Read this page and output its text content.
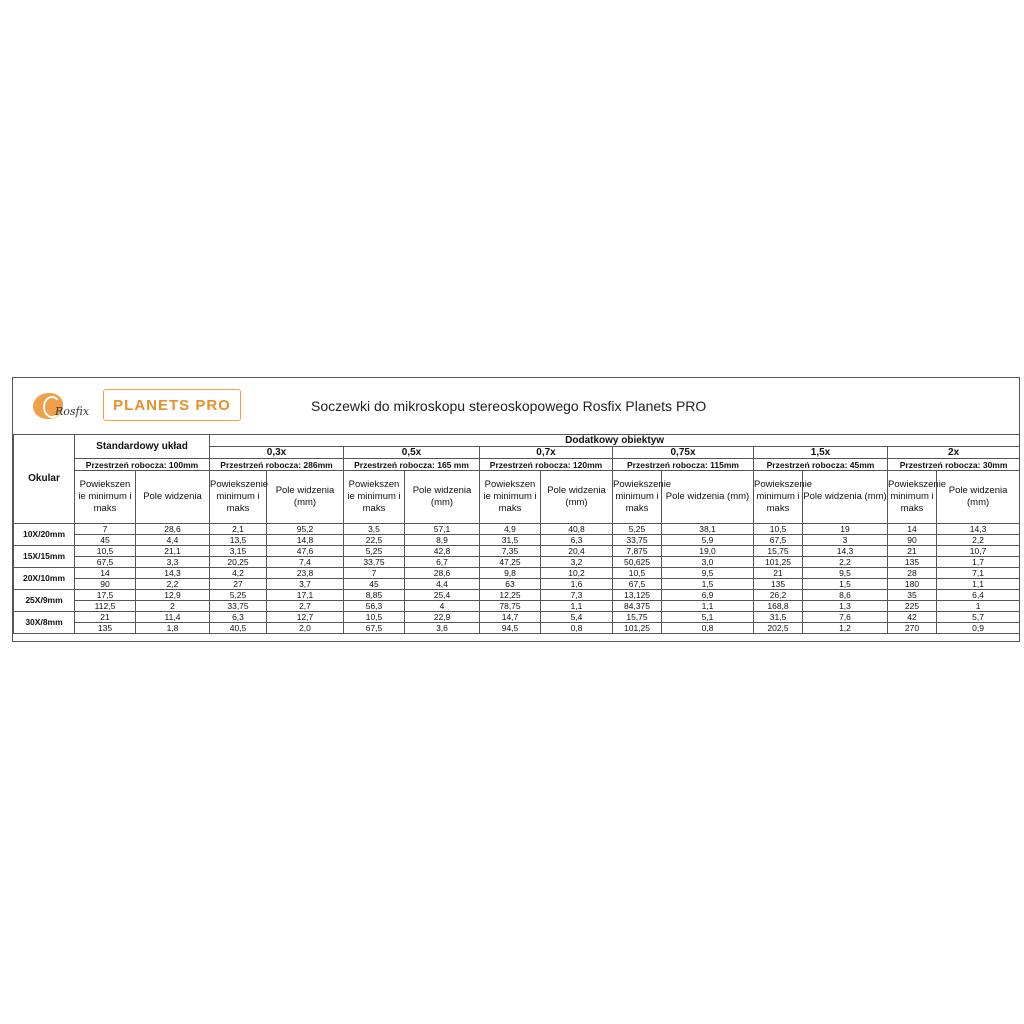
Rosfix	PLANETS PRO	Soczewki do mikroskopu stereoskopowego Rosfix Planets PRO
Okular	Standardowy układ		Dodatkowy obiektyw											
			0,3x		0,5x		0,7x		0,75x		1,5x		2x	
	Przestrzeń robocza: 100mm		Przestrzeń robocza: 286mm		Przestrzeń robocza: 165 mm		Przestrzeń robocza: 120mm		Przestrzeń robocza: 115mm		Przestrzeń robocza: 45mm		Przestrzeń robocza: 30mm	
	Powiekszen ie minimum i maks	Pole widzenia	Powiekszenie minimum i maks	Pole widzenia (mm)	Powiekszen ie minimum i maks	Pole widzenia (mm)	Powiekszen ie minimum i maks	Pole widzenia (mm)	Powiekszenie minimum i maks	Pole widzenia (mm)	Powiekszenie minimum i maks	Pole widzenia (mm)	Powiekszenie minimum i maks	Pole widzenia (mm)
10X/20mm	7	28,6	2,1	95,2	3,5	57,1	4,9	40,8	5,25	38,1	10,5	19	14	14,3
	45	4,4	13,5	14,8	22,5	8,9	31,5	6,3	33,75	5,9	67,5	3	90	2,2
15X/15mm	10,5	21,1	3,15	47,6	5,25	42,8	7,35	20,4	7,875	19,0	15,75	14,3	21	10,7
	67,5	3,3	20,25	7,4	33,75	6,7	47,25	3,2	50,625	3,0	101,25	2,2	135	1,7
20X/10mm	14	14,3	4,2	23,8	7	28,6	9,8	10,2	10,5	9,5	21	9,5	28	7,1
	90	2,2	27	3,7	45	4,4	63	1,6	67,5	1,5	135	1,5	180	1,1
25X/9mm	17,5	12,9	5,25	17,1	8,85	25,4	12,25	7,3	13,125	6,9	26,2	8,6	35	6,4
	112,5	2	33,75	2,7	56,3	4	78,75	1,1	84,375	1,1	168,8	1,3	225	1
30X/8mm	21	11,4	6,3	12,7	10,5	22,9	14,7	5,4	15,75	5,1	31,5	7,6	42	5,7
	135	1,8	40,5	2,0	67,5	3,6	94,5	0,8	101,25	0,8	202,5	1,2	270	0,9
